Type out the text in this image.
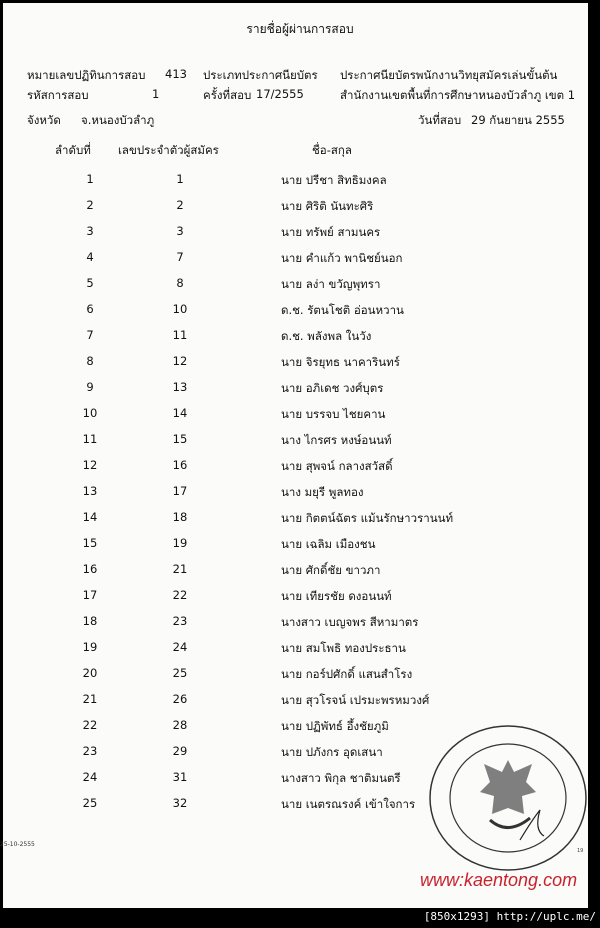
รายชื่อผู้ผ่านการสอบ
หมายเลขปฏิทินการสอบ 413 ประเภทประกาศนียบัตร ประกาศนียบัตรพนักงานวิทยุสมัครเล่นขั้นต้น
รหัสการสอบ	1	ครั้งที่สอบ 17/2555	สำนักงานเขตพื้นที่การศึกษาหนองบัวลำภู เขต 1
จังหวัด จ.หนองบัวลำภู	วันที่สอบ 29 กันยายน 2555
ลำดับที่ เลขประจำตัวผู้สมัคร	ชื่อ-สกุล
1	1	นาย ปรีชา สิทธิมงคล
2	2	นาย ศิริติ นันทะศิริ
3	3	นาย ทรัพย์ สามนคร
4	7	นาย คำแก้ว พานิชย์นอก
5	8	นาย ลง่า ขวัญพุทรา
6	10	ด.ช. รัตนโชติ อ่อนหวาน
7	11	ด.ช. พลังพล ในวัง
8	12	นาย จิรยุทธ นาคารินทร์
9	13	นาย อภิเดช วงศ์บุตร
10	14	นาย บรรจบ ไชยคาน
11	15	นาง ไกรศร หงษ์อนนท์
12	16	นาย สุพจน์ กลางสวัสดิ์
13	17	นาง มยุรี พูลทอง
14	18	นาย กิตตน์ฉัตร แม้นรักษาวรานนท์
15	19	นาย เฉลิม เมืองชน
16	21	นาย ศักดิ์ชัย ขาวภา
17	22	นาย เทียรชัย ดงอนนท์
18	23	นางสาว เบญจพร สีหามาตร
19	24	นาย สมโพธิ ทองประธาน
20	25	นาย กอร์ปศักดิ์ แสนสำโรง
21	26	นาย สุวโรจน์ เปรมะพรหมวงศ์
22	28	นาย ปฏิพัทธ์ อึ้งชัยภูมิ
23	29	นาย ปภังกร อุดเสนา
24	31	นางสาว พิกุล ชาติมนตรี
25	32	นาย เนตรณรงค์ เข้าใจการ
25-10-2555
19
www:kaentong.com
[850x1293] http://uplc.me/
